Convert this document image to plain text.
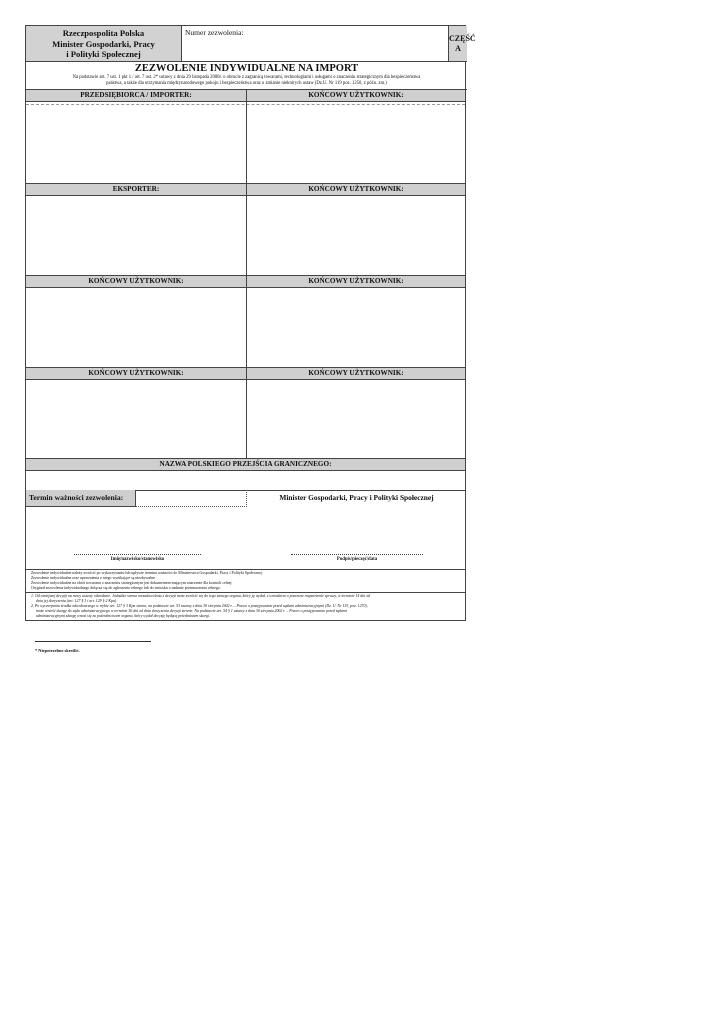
Rzeczpospolita Polska
Minister Gospodarki, Pracy
i Polityki Społecznej
Numer zezwolenia:
CZĘŚĆ
A
ZEZWOLENIE INDYWIDUALNE NA IMPORT
Na podstawie art. 7 ust. 1 pkt 1 / art. 7 ust. 2* ustawy z dnia 29 listopada 2000r. o obrocie z zagranicą towarami, technologiami i usługami o znaczeniu strategicznym dla bezpieczeństwa
państwa, a także dla utrzymania międzynarodowego pokoju i bezpieczeństwa oraz o zmianie niektórych ustaw (Dz.U. Nr 119 poz. 1250, z późn. zm.)
PRZEDSIĘBIORCA / IMPORTER:	KOŃCOWY UŻYTKOWNIK:
EKSPORTER:	KOŃCOWY UŻYTKOWNIK:
KOŃCOWY UŻYTKOWNIK:	KOŃCOWY UŻYTKOWNIK:
KOŃCOWY UŻYTKOWNIK:	KOŃCOWY UŻYTKOWNIK:
NAZWA POLSKIEGO PRZEJŚCIA GRANICZNEGO:
Termin ważności zezwolenia:	Minister Gospodarki, Pracy i Polityki Społecznej
Imię/nazwisko/stanowisko	Podpis/pieczęć/data
Zezwolenie indywidualne należy zwrócić po wykorzystaniu lub upływie terminu ważności do Ministerstwa Gospodarki, Pracy i Polityki Społecznej.
Zezwolenie indywidualne oraz uprawnienia z niego wynikające są niezbywalne.
Zezwolenie indywidualne na obrót towarami o znaczeniu strategicznym jest dokumentem mającym znaczenie dla kontroli celnej.
Oryginał zezwolenia indywidualnego dołącza się do zgłoszenia celnego lub do wniosku o nadanie przeznaczenia celnego.
1. Od niniejszej decyzji na mocy ustawy odwołanie. Jednakże strona niezadowolona z decyzji może zwrócić się do tego samego organu, który ją wydał, z wnioskiem o ponowne rozpatrzenie sprawy, w terminie 14 dni od
dnia jej doręczenia (art. 127 § 3 i art. 129 § 2 Kpa).
2. Po wyczerpaniu środka odwoławczego w trybie art. 127 § 3 Kpa strona, na podstawie art. 53 ustawy z dnia 30 sierpnia 2002 r. – Prawo o postępowaniu przed sądami administracyjnymi (Dz. U. Nr 153, poz. 1270),
może wnieść skargę do sądu administracyjnego w terminie 30 dni od dnia doręczenia decyzji stronie. Na podstawie art. 54 § 1 ustawy z dnia 30 sierpnia 2002 r. – Prawo o postępowaniu przed sądami
administracyjnymi skargę wnosi się za pośrednictwem organu, który wydał decyzję będącą przedmiotem skargi.
* Niepotrzebne skreślić.
